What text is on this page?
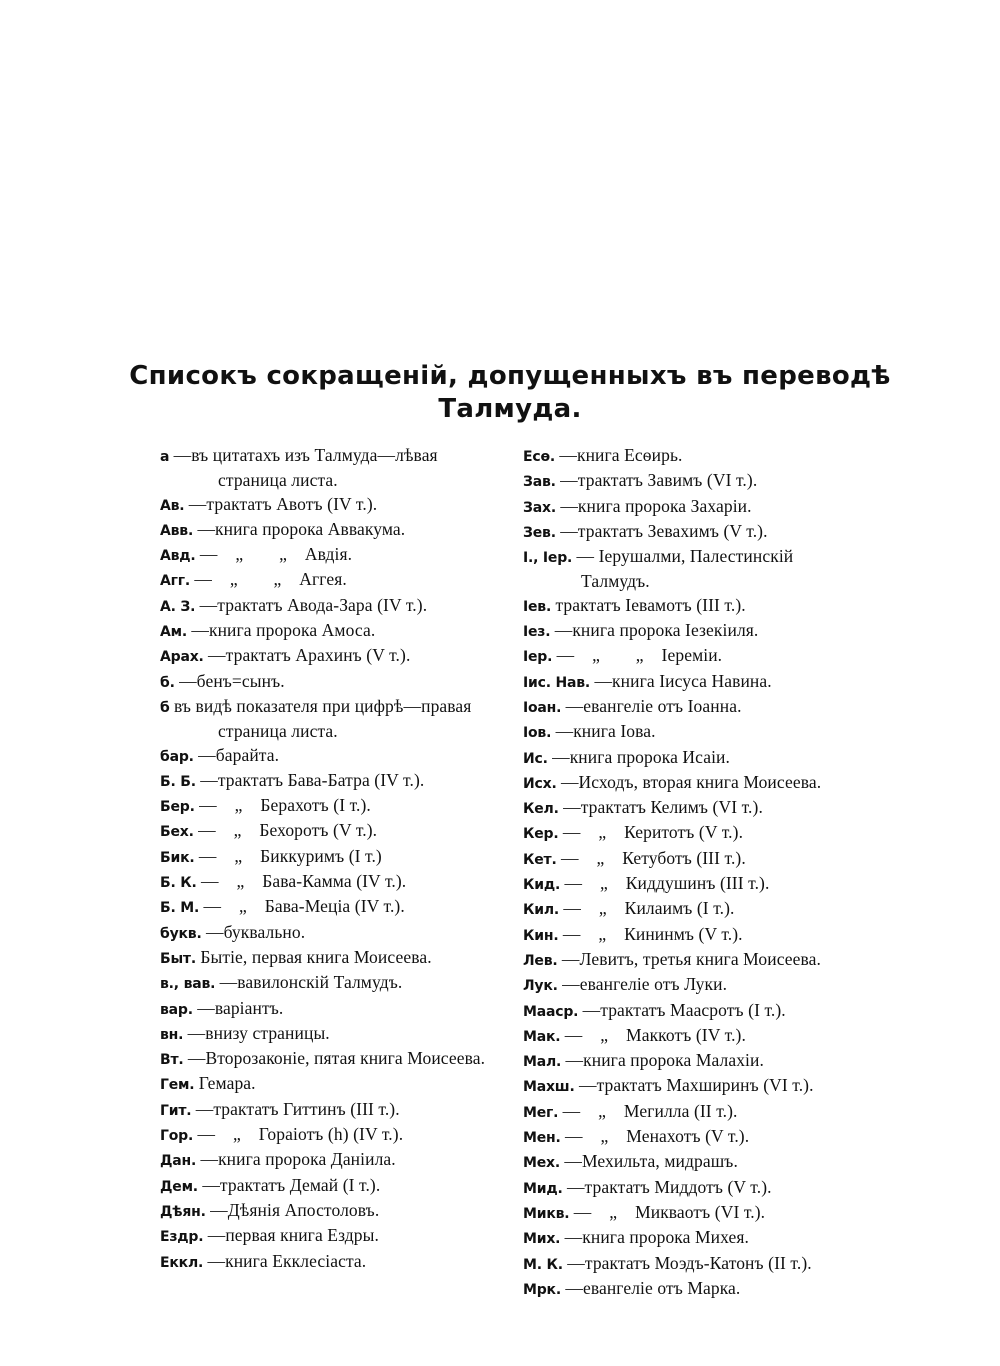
Списокъ сокращенiй, допущенныхъ въ переводѣ
Талмуда.
а —въ цитатахъ изъ Талмуда—лѣвая страница листа.
Ав. —трактатъ Авотъ (IV т.).
Авв. —книга пророка Аввакума.
Авд. —    „        „    Авдія.
Агг. —    „        „    Аггея.
А. З. —трактатъ Авода-Зара (IV т.).
Ам. —книга пророка Амоса.
Арах. —трактатъ Арахинъ (V т.).
б. —бенъ=сынъ.
б въ видѣ показателя при цифрѣ—правая страница листа.
бар. —барайта.
Б. Б. —трактатъ Бава-Батра (IV т.).
Бер. —    „    Берахотъ (I т.).
Бех. —    „    Бехоротъ (V т.).
Бик. —    „    Биккуримъ (I т.)
Б. К. —    „    Бава-Камма (IV т.).
Б. М. —    „    Бава-Меціа (IV т.).
букв. —буквально.
Быт. Бытіе, первая книга Моисеева.
в., вав. —вавилонскій Талмудъ.
вар. —варіантъ.
вн. —внизу страницы.
Вт. —Второзаконіе, пятая книга Моисеева.
Гем. Гемара.
Гит. —трактатъ Гиттинъ (III т.).
Гор. —    „    Гораіотъ (h) (IV т.).
Дан. —книга пророка Даніила.
Дем. —трактатъ Демай (I т.).
Дѣян. —Дѣянія Апостоловъ.
Ездр. —первая книга Ездры.
Еккл. —книга Екклесіаста.
Есѳ. —книга Есѳирь.
Зав. —трактатъ Завимъ (VI т.).
Зах. —книга пророка Захаріи.
Зев. —трактатъ Зевахимъ (V т.).
І., Іер. — Іерушалми, Палестинскій Талмудъ.
Іев. трактатъ Іевамотъ (III т.).
Іез. —книга пророка Іезекіиля.
Іер. —    „        „    Іереміи.
Іис. Нав. —книга Іисуса Навина.
Іоан. —евангеліе отъ Іоанна.
Іов. —книга Іова.
Ис. —книга пророка Исаіи.
Исх. —Исходъ, вторая книга Моисеева.
Кел. —трактатъ Келимъ (VI т.).
Кер. —    „    Керитотъ (V т.).
Кет. —    „    Кетуботъ (III т.).
Кид. —    „    Киддушинъ (III т.).
Кил. —    „    Килаимъ (I т.).
Кин. —    „    Кининмъ (V т.).
Лев. —Левитъ, третья книга Моисеева.
Лук. —евангеліе отъ Луки.
Мааср. —трактатъ Маасротъ (I т.).
Мак. —    „    Маккотъ (IV т.).
Мал. —книга пророка Малахіи.
Махш. —трактатъ Махширинъ (VI т.).
Мег. —    „    Мегилла (II т.).
Мен. —    „    Менахотъ (V т.).
Мех. —Мехильта, мидрашъ.
Мид. —трактатъ Миддотъ (V т.).
Микв. —    „    Микваотъ (VI т.).
Мих. —книга пророка Михея.
М. К. —трактатъ Моэдъ-Катонъ (II т.).
Мрк. —евангеліе отъ Марка.
